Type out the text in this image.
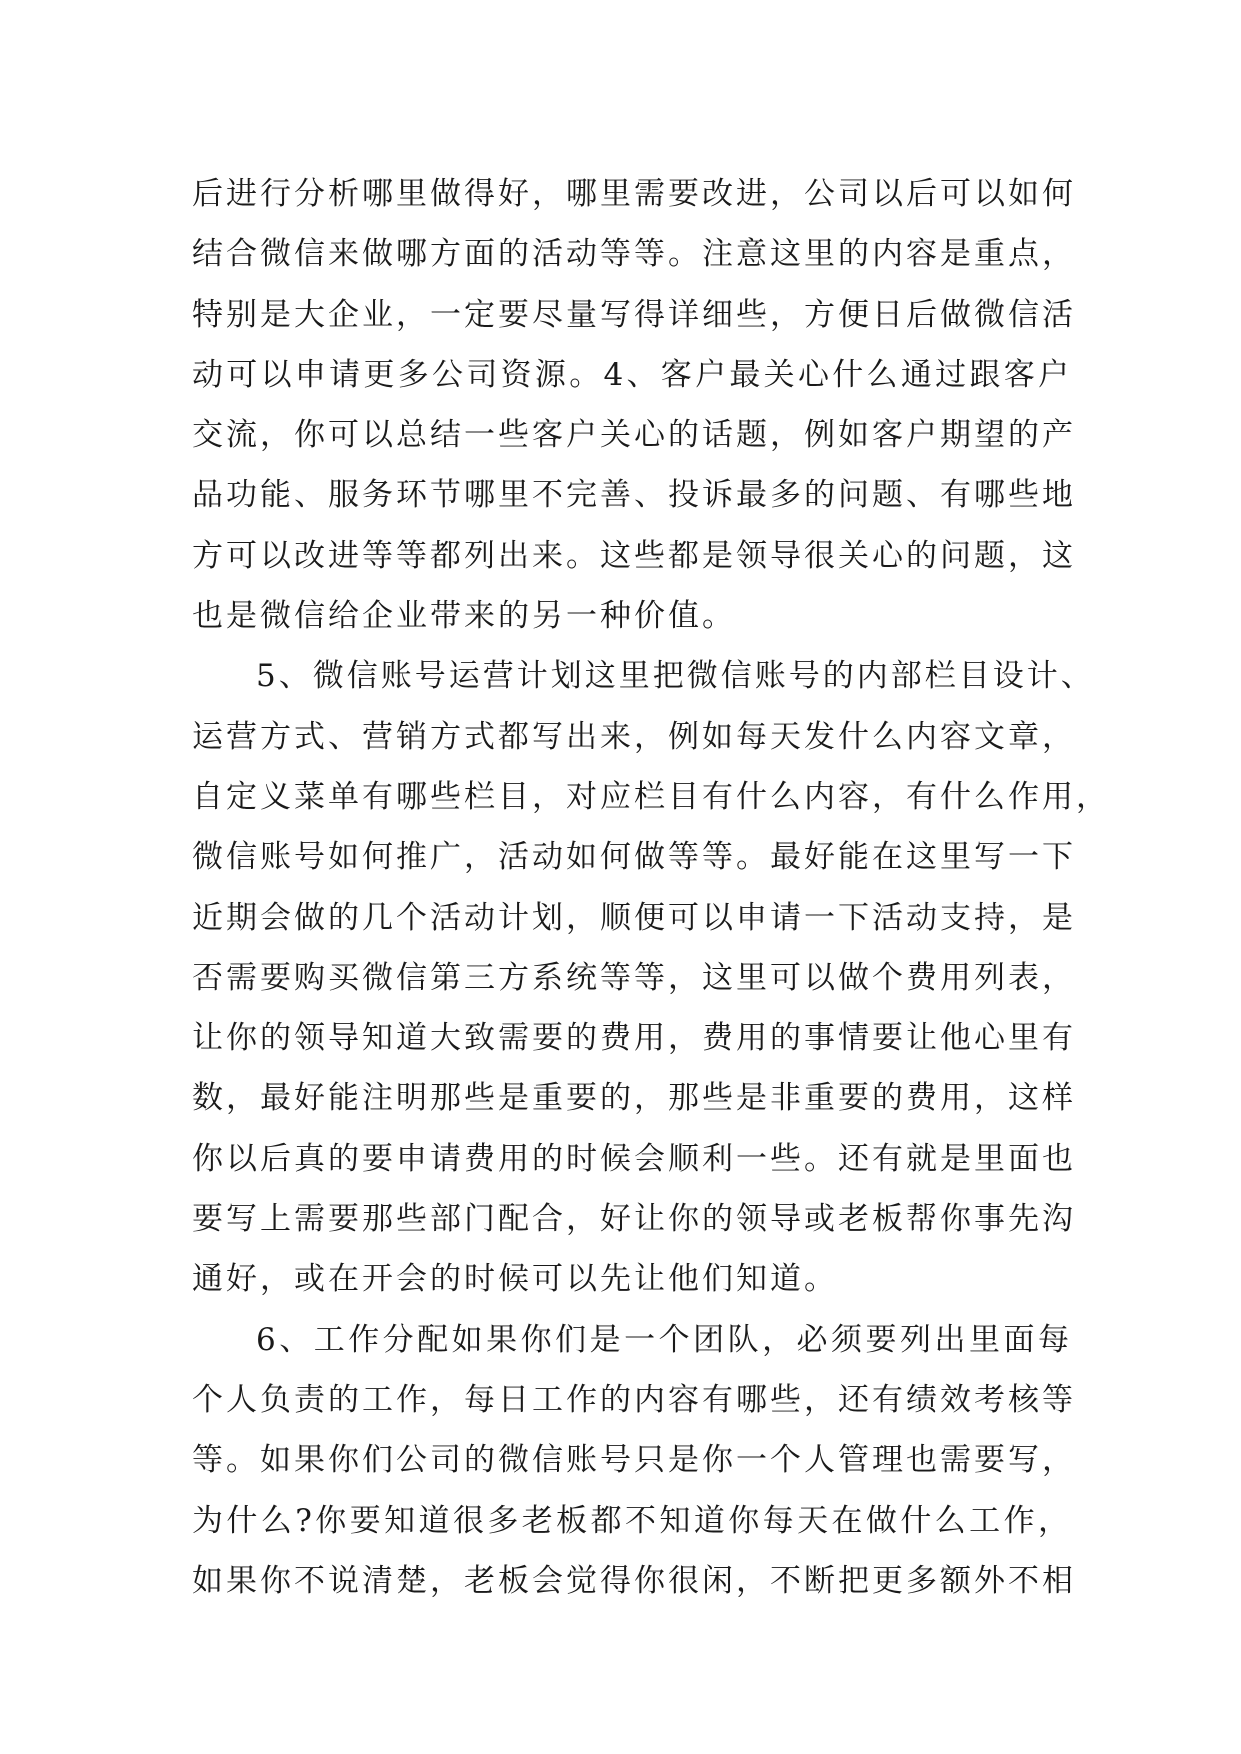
后进行分析哪里做得好，哪里需要改进，公司以后可以如何
结合微信来做哪方面的活动等等。注意这里的内容是重点，
特别是大企业，一定要尽量写得详细些，方便日后做微信活
动可以申请更多公司资源。4、客户最关心什么通过跟客户
交流，你可以总结一些客户关心的话题，例如客户期望的产
品功能、服务环节哪里不完善、投诉最多的问题、有哪些地
方可以改进等等都列出来。这些都是领导很关心的问题，这
也是微信给企业带来的另一种价值。
5、微信账号运营计划这里把微信账号的内部栏目设计、
运营方式、营销方式都写出来，例如每天发什么内容文章，
自定义菜单有哪些栏目，对应栏目有什么内容，有什么作用，
微信账号如何推广，活动如何做等等。最好能在这里写一下
近期会做的几个活动计划，顺便可以申请一下活动支持，是
否需要购买微信第三方系统等等，这里可以做个费用列表，
让你的领导知道大致需要的费用，费用的事情要让他心里有
数，最好能注明那些是重要的，那些是非重要的费用，这样
你以后真的要申请费用的时候会顺利一些。还有就是里面也
要写上需要那些部门配合，好让你的领导或老板帮你事先沟
通好，或在开会的时候可以先让他们知道。
6、工作分配如果你们是一个团队，必须要列出里面每
个人负责的工作，每日工作的内容有哪些，还有绩效考核等
等。如果你们公司的微信账号只是你一个人管理也需要写，
为什么?你要知道很多老板都不知道你每天在做什么工作，
如果你不说清楚，老板会觉得你很闲，不断把更多额外不相
